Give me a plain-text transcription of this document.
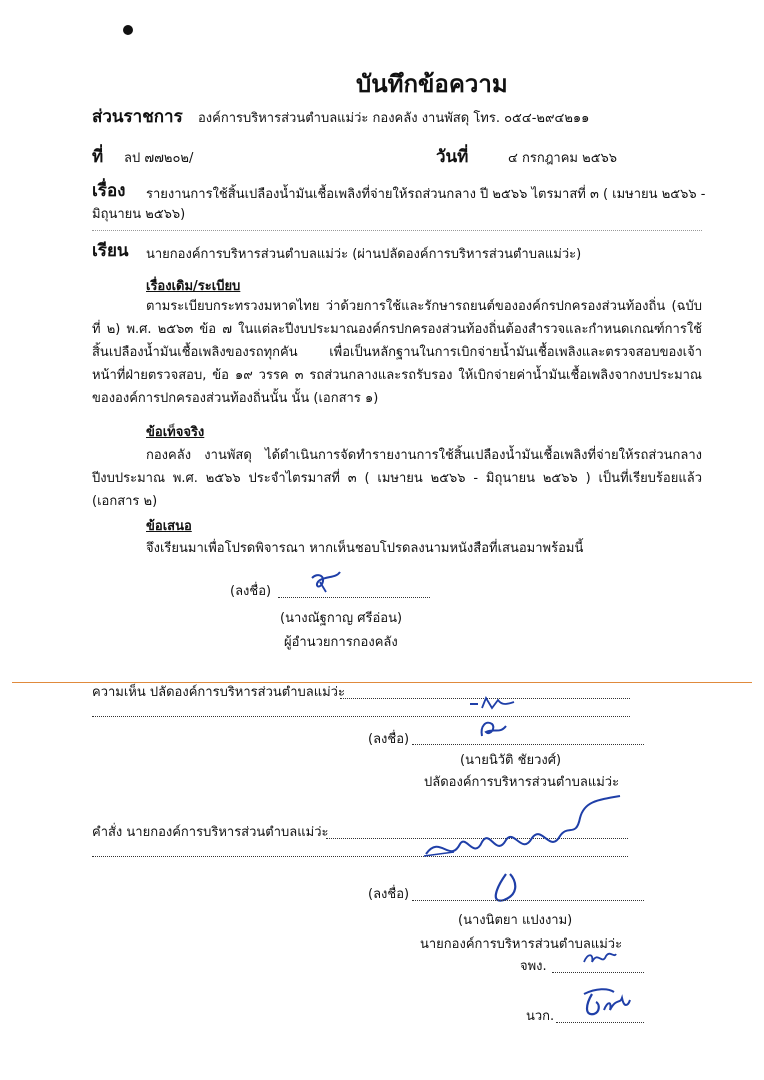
บันทึกข้อความ
ส่วนราชการ องค์การบริหารส่วนตำบลแม่ว่ะ กองคลัง งานพัสดุ โทร. ๐๕๔-๒๙๔๒๑๑
ที่ ลป ๗๗๒๐๒/	วันที่	๔ กรกฎาคม ๒๕๖๖
เรื่อง รายงานการใช้สิ้นเปลืองน้ำมันเชื้อเพลิงที่จ่ายให้รถส่วนกลาง ปี ๒๕๖๖ ไตรมาสที่ ๓ ( เมษายน ๒๕๖๖ -
มิถุนายน ๒๕๖๖)
เรียน นายกองค์การบริหารส่วนตำบลแม่ว่ะ (ผ่านปลัดองค์การบริหารส่วนตำบลแม่ว่ะ)
เรื่องเดิม/ระเบียบ
ตามระเบียบกระทรวงมหาดไทย ว่าด้วยการใช้และรักษารถยนต์ขององค์กรปกครองส่วนท้องถิ่น (ฉบับที่ ๒) พ.ศ. ๒๕๖๓ ข้อ ๗ ในแต่ละปีงบประมาณองค์กรปกครองส่วนท้องถิ่นต้องสำรวจและกำหนดเกณฑ์การใช้สิ้นเปลืองน้ำมันเชื้อเพลิงของรถทุกคัน เพื่อเป็นหลักฐานในการเบิกจ่ายน้ำมันเชื้อเพลิงและตรวจสอบของเจ้าหน้าที่ฝ่ายตรวจสอบ, ข้อ ๑๙ วรรค ๓ รถส่วนกลางและรถรับรอง ให้เบิกจ่ายค่าน้ำมันเชื้อเพลิงจากงบประมาณขององค์การปกครองส่วนท้องถิ่นนั้น นั้น (เอกสาร ๑)
ข้อเท็จจริง
กองคลัง งานพัสดุ ได้ดำเนินการจัดทำรายงานการใช้สิ้นเปลืองน้ำมันเชื้อเพลิงที่จ่ายให้รถส่วนกลาง ปีงบประมาณ พ.ศ. ๒๕๖๖ ประจำไตรมาสที่ ๓ ( เมษายน ๒๕๖๖ - มิถุนายน ๒๕๖๖ ) เป็นที่เรียบร้อยแล้ว (เอกสาร ๒)
ข้อเสนอ
จึงเรียนมาเพื่อโปรดพิจารณา หากเห็นชอบโปรดลงนามหนังสือที่เสนอมาพร้อมนี้
(ลงชื่อ)
(นางณัฐกาญ ศรีอ่อน)
ผู้อำนวยการกองคลัง
ความเห็น ปลัดองค์การบริหารส่วนตำบลแม่ว่ะ
(ลงชื่อ)
(นายนิวัติ ชัยวงศ์)
ปลัดองค์การบริหารส่วนตำบลแม่ว่ะ
คำสั่ง นายกองค์การบริหารส่วนตำบลแม่ว่ะ
(ลงชื่อ)
(นางนิตยา แปงงาม)
นายกองค์การบริหารส่วนตำบลแม่ว่ะ
จพง.
นวก.
